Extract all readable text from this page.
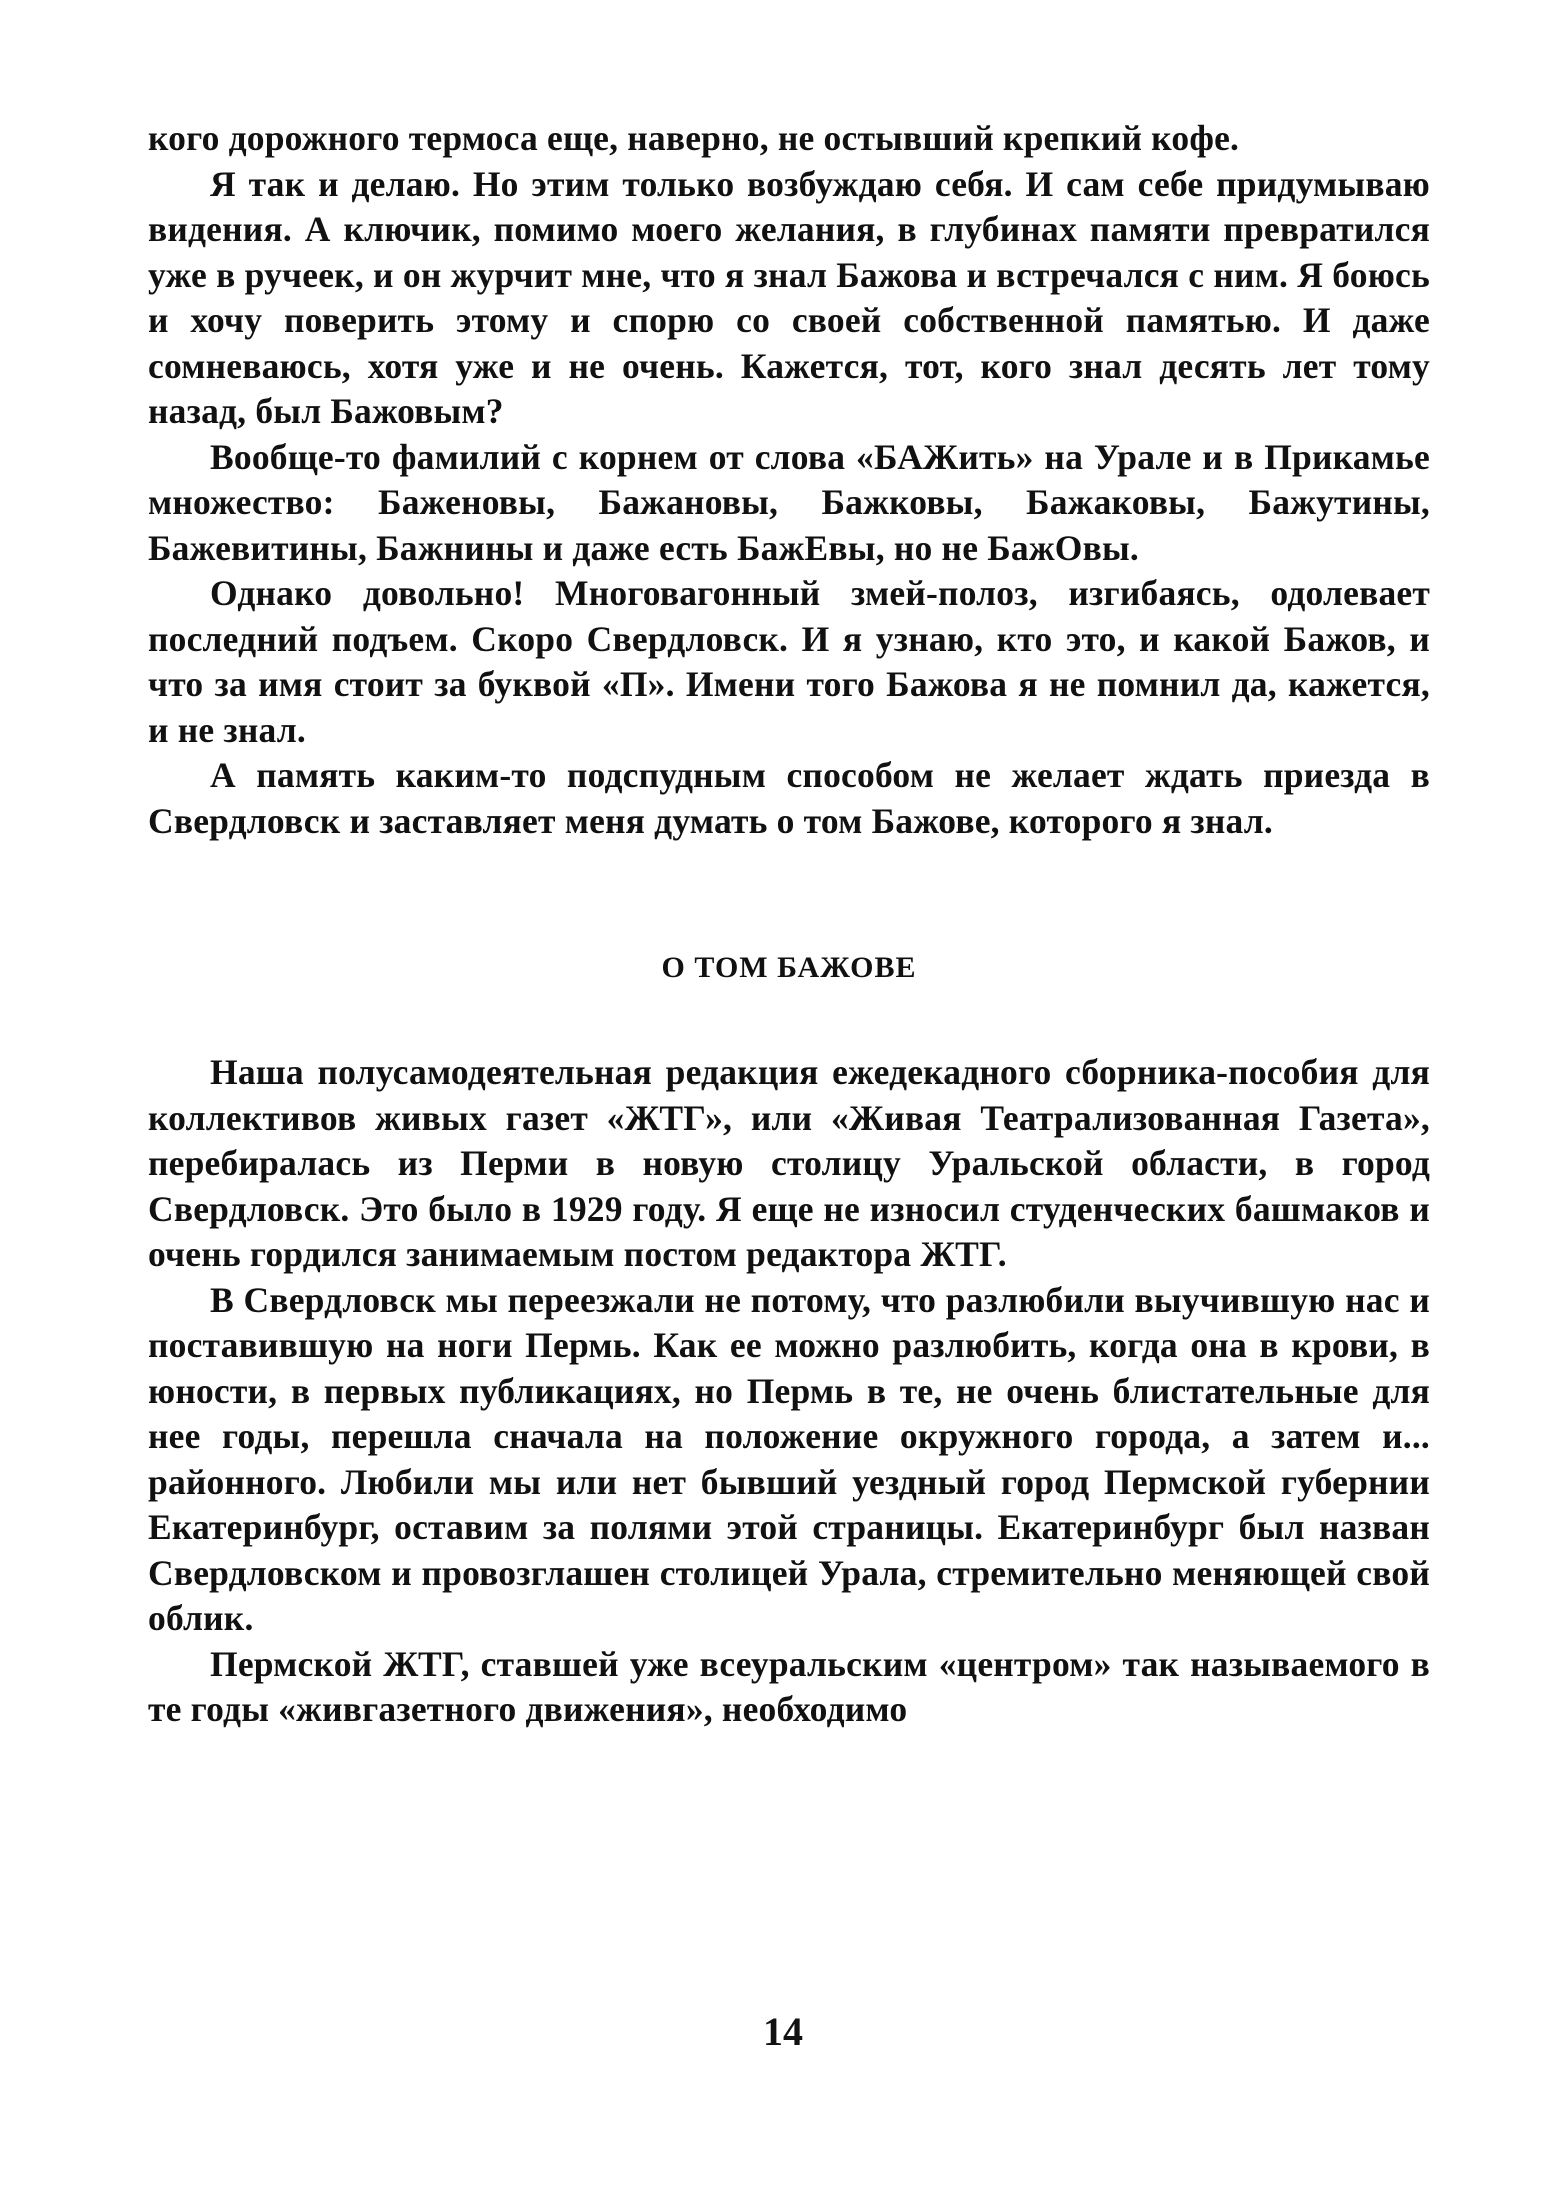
кого дорожного термоса еще, наверно, не остывший крепкий кофе.

Я так и делаю. Но этим только возбуждаю себя. И сам себе придумываю видения. А ключик, помимо моего желания, в глубинах памяти превратился уже в ручеек, и он журчит мне, что я знал Бажова и встречался с ним. Я боюсь и хочу поверить этому и спорю со своей собственной памятью. И даже сомневаюсь, хотя уже и не очень. Кажется, тот, кого знал десять лет тому назад, был Бажовым?

Вообще-то фамилий с корнем от слова «БАЖить» на Урале и в Прикамье множество: Баженовы, Бажановы, Бажковы, Бажаковы, Бажутины, Бажевитины, Бажнины и даже есть БажЕвы, но не БажОвы.

Однако довольно! Многовагонный змей-полоз, изгибаясь, одолевает последний подъем. Скоро Свердловск. И я узнаю, кто это, и какой Бажов, и что за имя стоит за буквой «П». Имени того Бажова я не помнил да, кажется, и не знал.

А память каким-то подспудным способом не желает ждать приезда в Свердловск и заставляет меня думать о том Бажове, которого я знал.

О ТОМ БАЖОВЕ

Наша полусамодеятельная редакция ежедекадного сборника-пособия для коллективов живых газет «ЖТГ», или «Живая Театрализованная Газета», перебиралась из Перми в новую столицу Уральской области, в город Свердловск. Это было в 1929 году. Я еще не износил студенческих башмаков и очень гордился занимаемым постом редактора ЖТГ.

В Свердловск мы переезжали не потому, что разлюбили выучившую нас и поставившую на ноги Пермь. Как ее можно разлюбить, когда она в крови, в юности, в первых публикациях, но Пермь в те, не очень блистательные для нее годы, перешла сначала на положение окружного города, а затем и... районного. Любили мы или нет бывший уездный город Пермской губернии Екатеринбург, оставим за полями этой страницы. Екатеринбург был назван Свердловском и провозглашен столицей Урала, стремительно меняющей свой облик.

Пермской ЖТГ, ставшей уже всеуральским «центром» так называемого в те годы «живгазетного движения», необходимо

14
